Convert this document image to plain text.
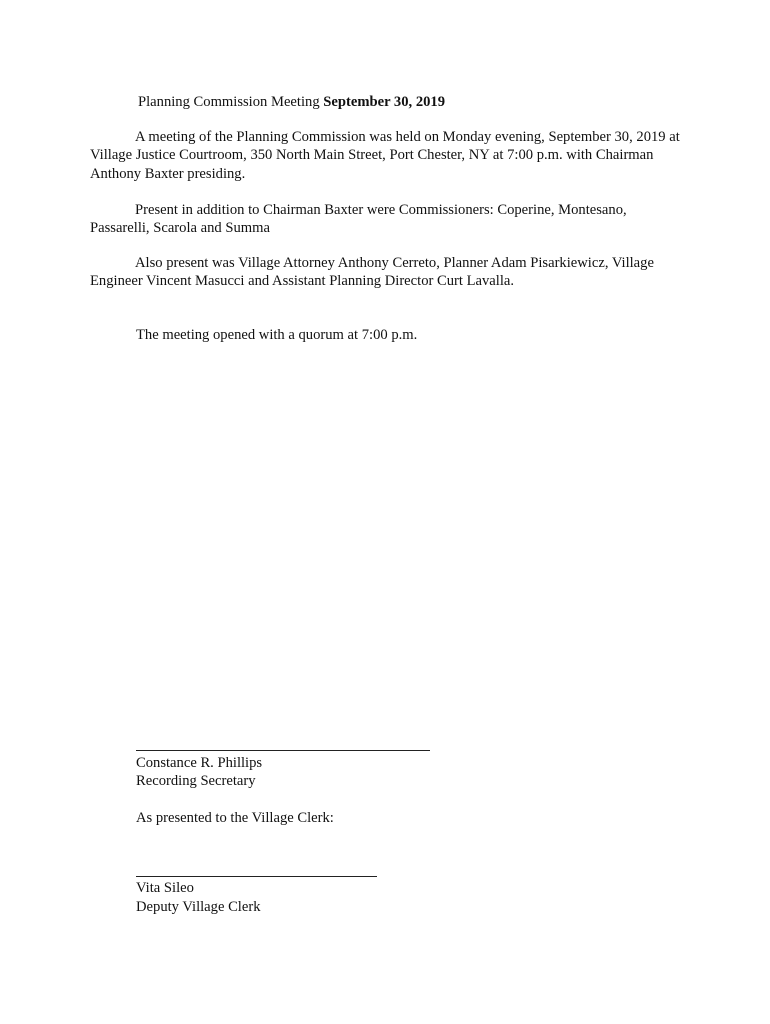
Planning Commission Meeting September 30, 2019
A meeting of the Planning Commission was held on Monday evening, September 30, 2019 at Village Justice Courtroom, 350 North Main Street, Port Chester, NY at 7:00 p.m. with Chairman Anthony Baxter presiding.
Present in addition to Chairman Baxter were Commissioners: Coperine, Montesano, Passarelli, Scarola and Summa
Also present was Village Attorney Anthony Cerreto, Planner Adam Pisarkiewicz, Village Engineer Vincent Masucci and Assistant Planning Director Curt Lavalla.
The meeting opened with a quorum at 7:00 p.m.
Constance R. Phillips
Recording Secretary
As presented to the Village Clerk:
Vita Sileo
Deputy Village Clerk
